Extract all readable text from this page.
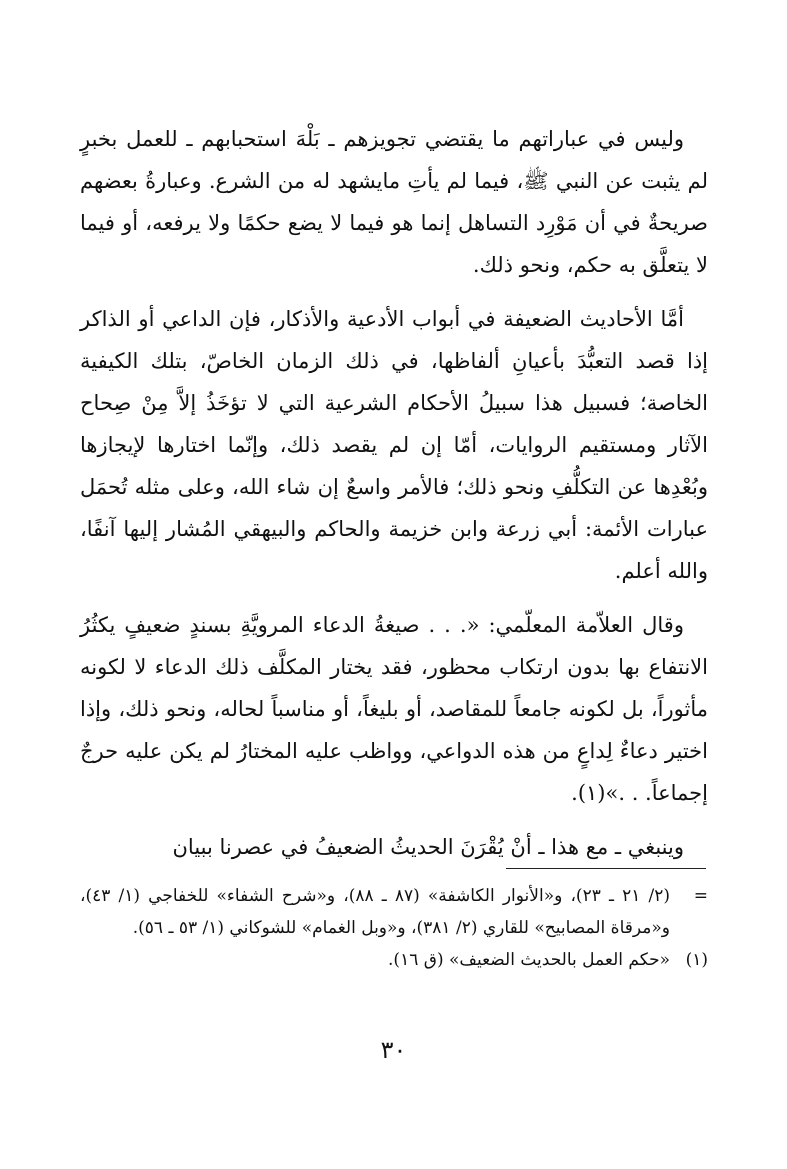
وليس في عباراتهم ما يقتضي تجويزهم ـ بَلْهَ استحبابهم ـ للعمل بخبرٍ لم يثبت عن النبي ﷺ، فيما لم يأتِ مايشهد له من الشرع. وعبارةُ بعضهم صريحةٌ في أن مَوْرِد التساهل إنما هو فيما لا يضع حكمًا ولا يرفعه، أو فيما لا يتعلَّق به حكم، ونحو ذلك.

أمَّا الأحاديث الضعيفة في أبواب الأدعية والأذكار، فإن الداعي أو الذاكر إذا قصد التعبُّدَ بأعيانِ ألفاظها، في ذلك الزمان الخاصّ، بتلك الكيفية الخاصة؛ فسبيل هذا سبيلُ الأحكام الشرعية التي لا تؤخَذُ إلاَّ مِنْ صِحاح الآثار ومستقيم الروايات، أمّا إن لم يقصد ذلك، وإنّما اختارها لإيجازها وبُعْدِها عن التكلُّفِ ونحو ذلك؛ فالأمر واسعٌ إن شاء الله، وعلى مثله تُحمَل عبارات الأئمة: أبي زرعة وابن خزيمة والحاكم والبيهقي المُشار إليها آنفًا، والله أعلم.

وقال العلاّمة المعلّمي: «. . . صيغةُ الدعاء المرويَّةِ بسندٍ ضعيفٍ يكثُرُ الانتفاع بها بدون ارتكاب محظور، فقد يختار المكلَّف ذلك الدعاء لا لكونه مأثوراً، بل لكونه جامعاً للمقاصد، أو بليغاً، أو مناسباً لحاله، ونحو ذلك، وإذا اختير دعاءٌ لِداعٍ من هذه الدواعي، وواظب عليه المختارُ لم يكن عليه حرجٌ إجماعاً. . .»(١).

وينبغي ـ مع هذا ـ أنْ يُقْرَنَ الحديثُ الضعيفُ في عصرنا ببيان

=
(٢/ ٢١ ـ ٢٣)، و«الأنوار الكاشفة» (٨٧ ـ ٨٨)، و«شرح الشفاء» للخفاجي (١/ ٤٣)، و«مرقاة المصابيح» للقاري (٢/ ٣٨١)، و«وبل الغمام» للشوكاني (١/ ٥٣ ـ ٥٦).
(١)
«حكم العمل بالحديث الضعيف» (ق ١٦).
٣٠
